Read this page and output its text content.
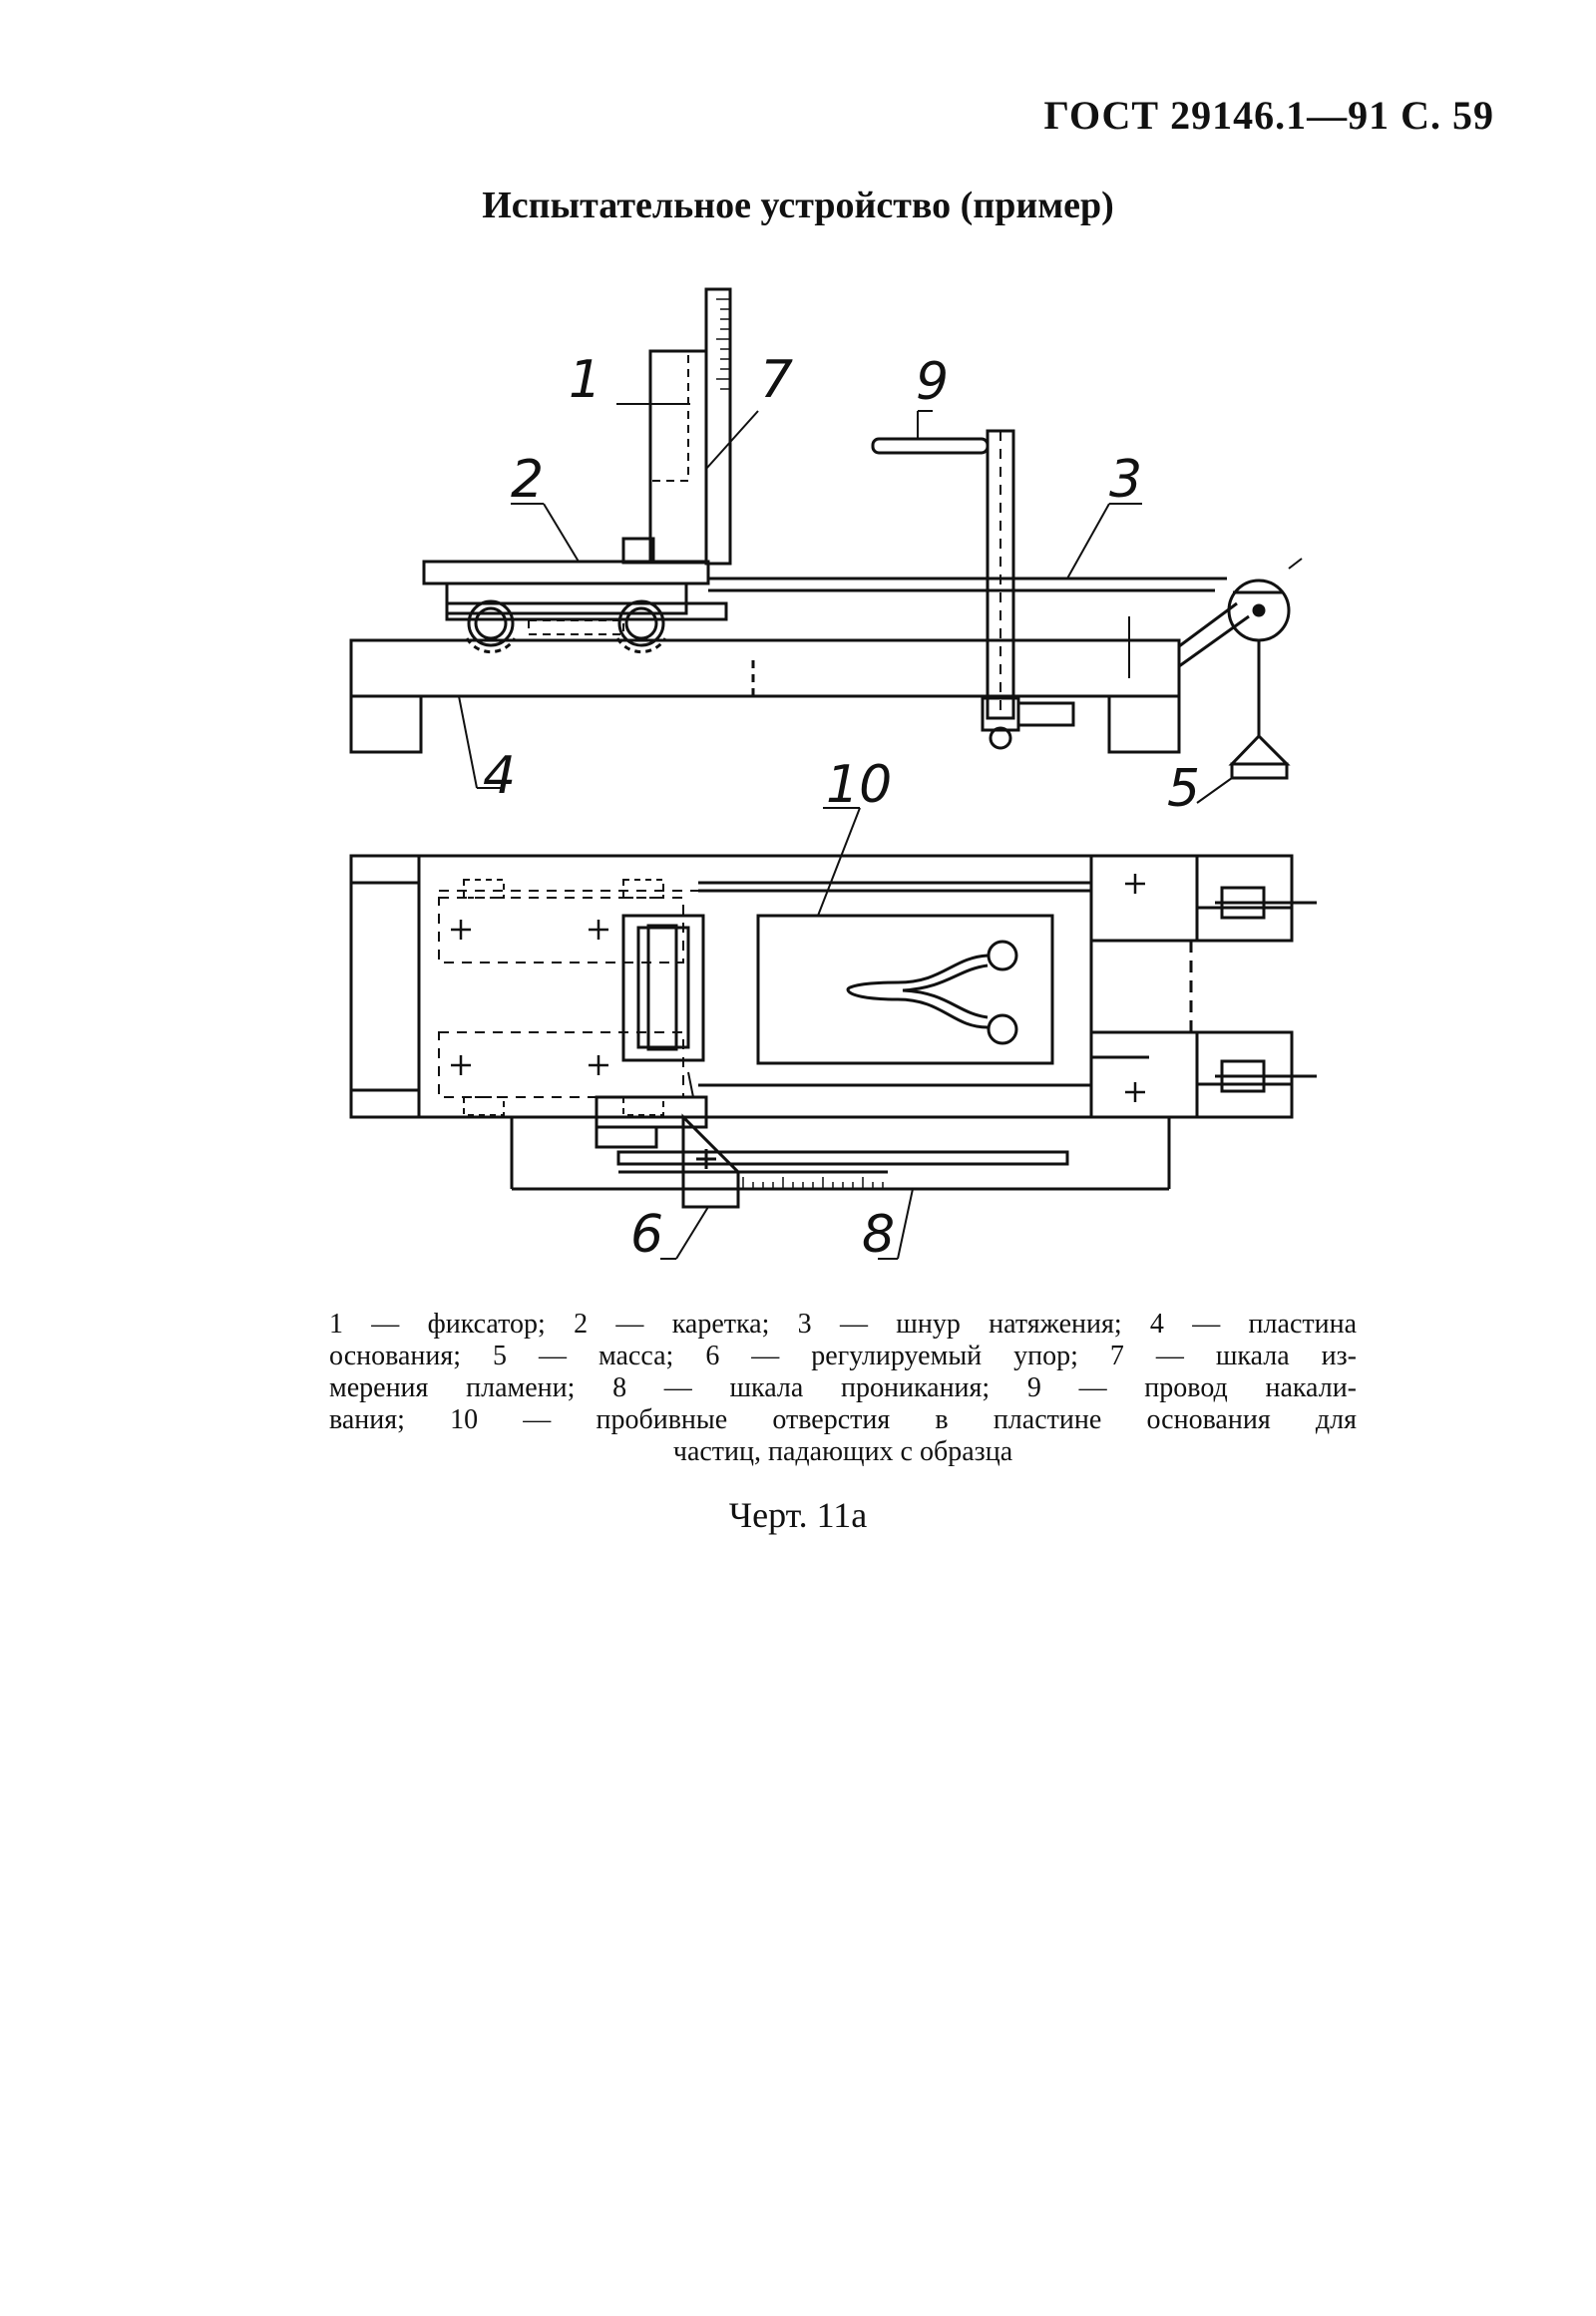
ГОСТ 29146.1—91 С. 59
Испытательное устройство (пример)
1	7 9
2	3
4	5
10
6	8
1 — фиксатор; 2 — каретка; 3 — шнур натяжения; 4 — пластина
основания; 5 — масса; 6 — регулируемый упор; 7 — шкала из-
мерения пламени; 8 — шкала проникания; 9 — провод накали-
вания; 10 — пробивные отверстия в пластине основания для
частиц, падающих с образца
Черт. 11а
